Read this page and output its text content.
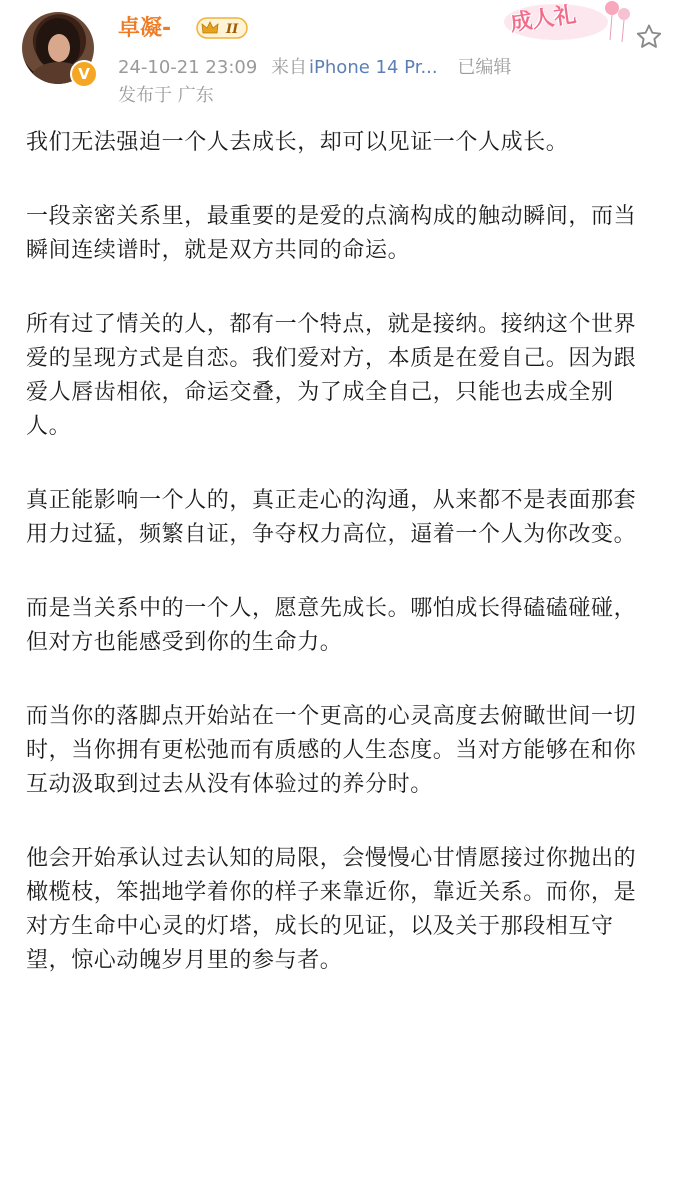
V
卓凝-	II
24-10-21 23:09 来自 iPhone 14 Pr... 已编辑
发布于 广东
成人礼

我们无法强迫一个人去成长，却可以见证一个人成长。

一段亲密关系里，最重要的是爱的点滴构成的触动瞬间，而当瞬间连续谱时，就是双方共同的命运。

所有过了情关的人，都有一个特点，就是接纳。接纳这个世界爱的呈现方式是自恋。我们爱对方，本质是在爱自己。因为跟爱人唇齿相依，命运交叠，为了成全自己，只能也去成全别人。

真正能影响一个人的，真正走心的沟通，从来都不是表面那套用力过猛，频繁自证，争夺权力高位，逼着一个人为你改变。

而是当关系中的一个人，愿意先成长。哪怕成长得磕磕碰碰，但对方也能感受到你的生命力。

而当你的落脚点开始站在一个更高的心灵高度去俯瞰世间一切时，当你拥有更松弛而有质感的人生态度。当对方能够在和你互动汲取到过去从没有体验过的养分时。

他会开始承认过去认知的局限，会慢慢心甘情愿接过你抛出的橄榄枝，笨拙地学着你的样子来靠近你，靠近关系。而你，是对方生命中心灵的灯塔，成长的见证，以及关于那段相互守望，惊心动魄岁月里的参与者。
